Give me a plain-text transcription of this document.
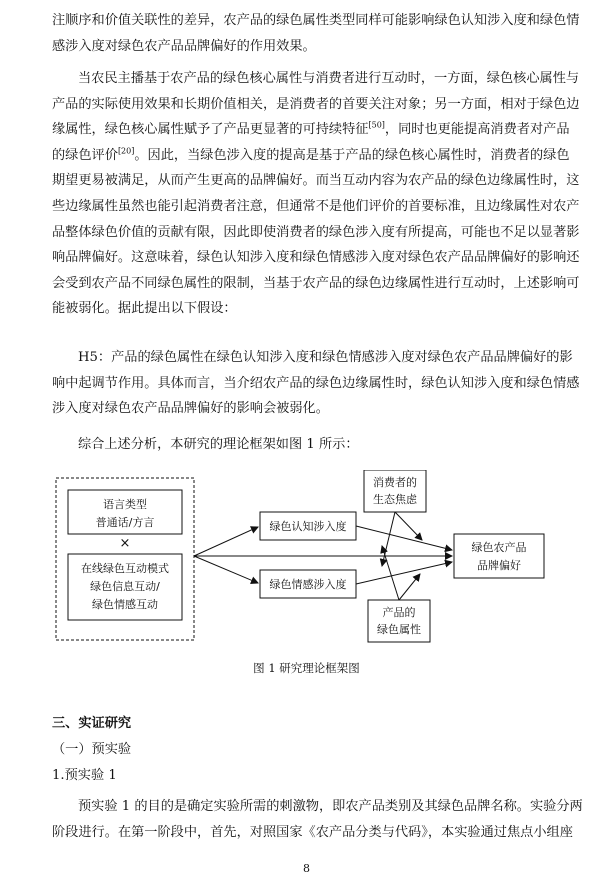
注顺序和价值关联性的差异，农产品的绿色属性类型同样可能影响绿色认知涉入度和绿色情
感涉入度对绿色农产品品牌偏好的作用效果。
当农民主播基于农产品的绿色核心属性与消费者进行互动时，一方面，绿色核心属性与
产品的实际使用效果和长期价值相关，是消费者的首要关注对象；另一方面，相对于绿色边
缘属性，绿色核心属性赋予了产品更显著的可持续特征[50]，同时也更能提高消费者对产品
的绿色评价[20]。因此，当绿色涉入度的提高是基于产品的绿色核心属性时，消费者的绿色
期望更易被满足，从而产生更高的品牌偏好。而当互动内容为农产品的绿色边缘属性时，这
些边缘属性虽然也能引起消费者注意，但通常不是他们评价的首要标准，且边缘属性对农产
品整体绿色价值的贡献有限，因此即使消费者的绿色涉入度有所提高，可能也不足以显著影
响品牌偏好。这意味着，绿色认知涉入度和绿色情感涉入度对绿色农产品品牌偏好的影响还
会受到农产品不同绿色属性的限制，当基于农产品的绿色边缘属性进行互动时，上述影响可
能被弱化。据此提出以下假设：
H5：产品的绿色属性在绿色认知涉入度和绿色情感涉入度对绿色农产品品牌偏好的影
响中起调节作用。具体而言，当介绍农产品的绿色边缘属性时，绿色认知涉入度和绿色情感
涉入度对绿色农产品品牌偏好的影响会被弱化。
综合上述分析，本研究的理论框架如图 1 所示：
语言类型
普通话/方言
×
在线绿色互动模式
绿色信息互动/
绿色情感互动
绿色认知涉入度
绿色情感涉入度
绿色农产品
品牌偏好
消费者的
生态焦虑
产品的
绿色属性
图 1 研究理论框架图
三、实证研究
（一）预实验
1.预实验 1
预实验 1 的目的是确定实验所需的刺激物，即农产品类别及其绿色品牌名称。实验分两
阶段进行。在第一阶段中，首先，对照国家《农产品分类与代码》，本实验通过焦点小组座
8
